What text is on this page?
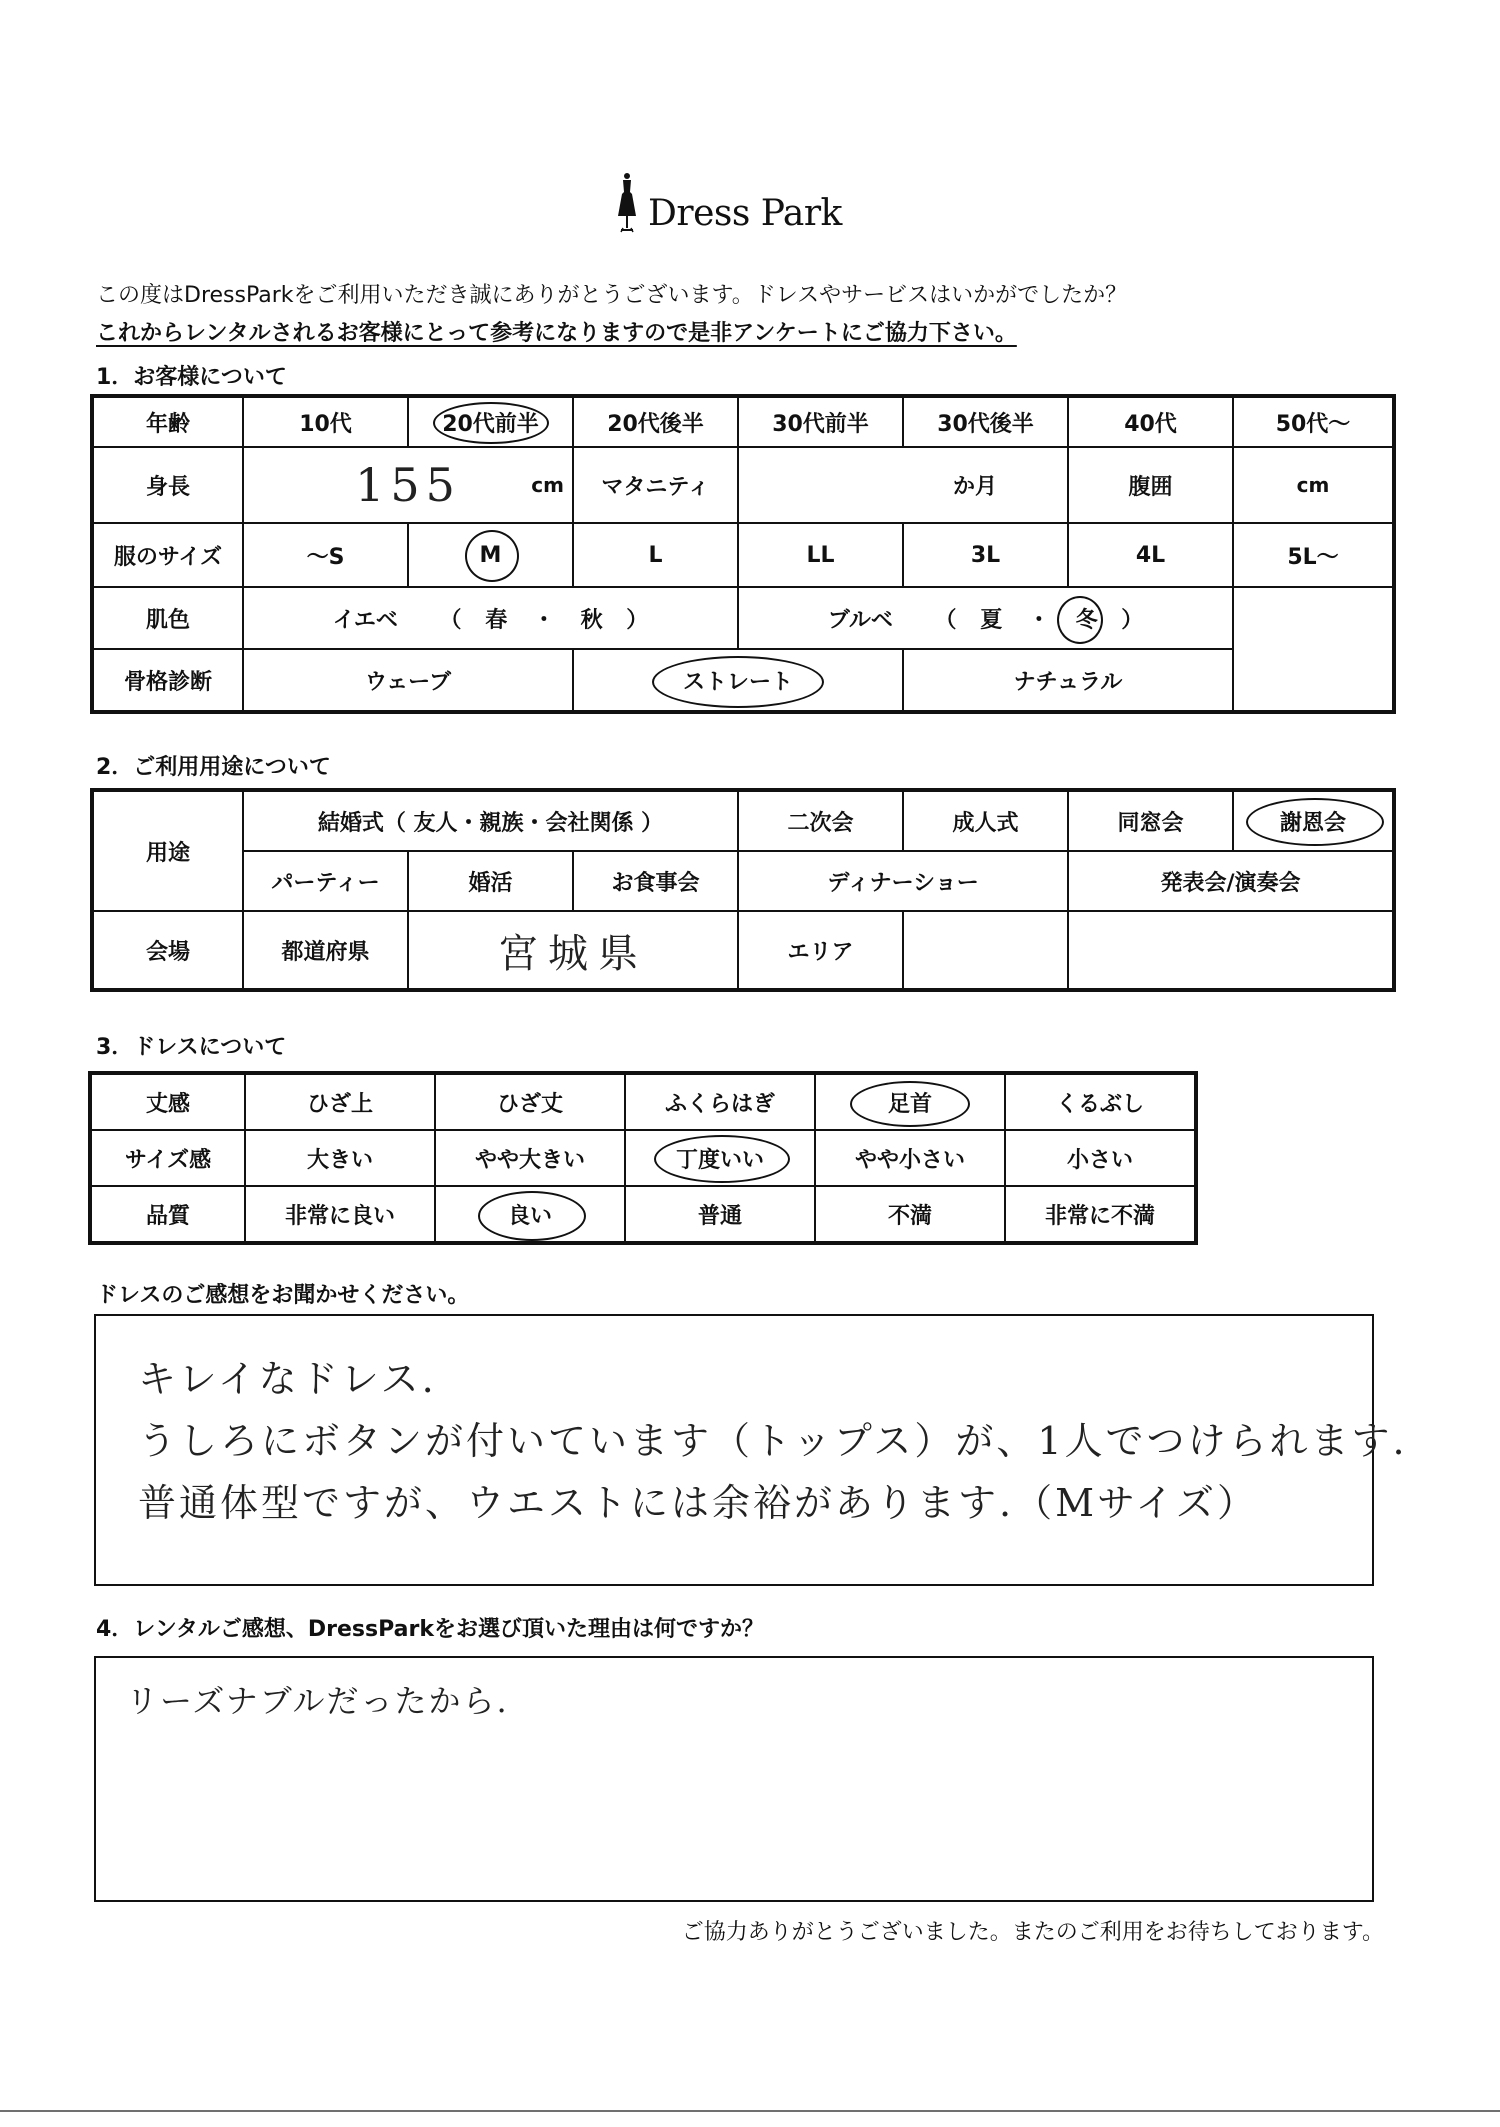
Dress Park
この度はDressParkをご利用いただき誠にありがとうございます。ドレスやサービスはいかがでしたか？
これからレンタルされるお客様にとって参考になりますので是非アンケートにご協力下さい。
1．お客様について
年齢	10代	20代前半	20代後半	30代前半	30代後半	40代	50代～
身長	155 cm		マタニティ	か月		腹囲	cm

服のサイズ	～S	M	L	LL	3L	4L	5L～
肌色	イエベ （ 春 ・ 秋 ）			ブルベ （ 夏 ・ 冬 ）		

骨格診断	ウェーブ		ストレート		ナチュラル		
2．ご利用用途について
用途	結婚式（ 友人・親族・会社関係 ）			二次会	成人式	同窓会	謝恩会

	パーティー	婚活	お食事会	ディナーショー		発表会/演奏会	
会場	都道府県	宮城県		エリア			
3．ドレスについて
丈感	ひざ上	ひざ丈	ふくらはぎ	足首	くるぶし
サイズ感	大きい	やや大きい	丁度いい	やや小さい	小さい
品質	非常に良い	良い	普通	不満	非常に不満
ドレスのご感想をお聞かせください。
キレイなドレス.
うしろにボタンが付いています（トップス）が、1人でつけられます.
普通体型ですが、ウエストには余裕があります.（Mサイズ）
4．レンタルご感想、DressParkをお選び頂いた理由は何ですか？
リーズナブルだったから.
ご協力ありがとうございました。またのご利用をお待ちしております。
